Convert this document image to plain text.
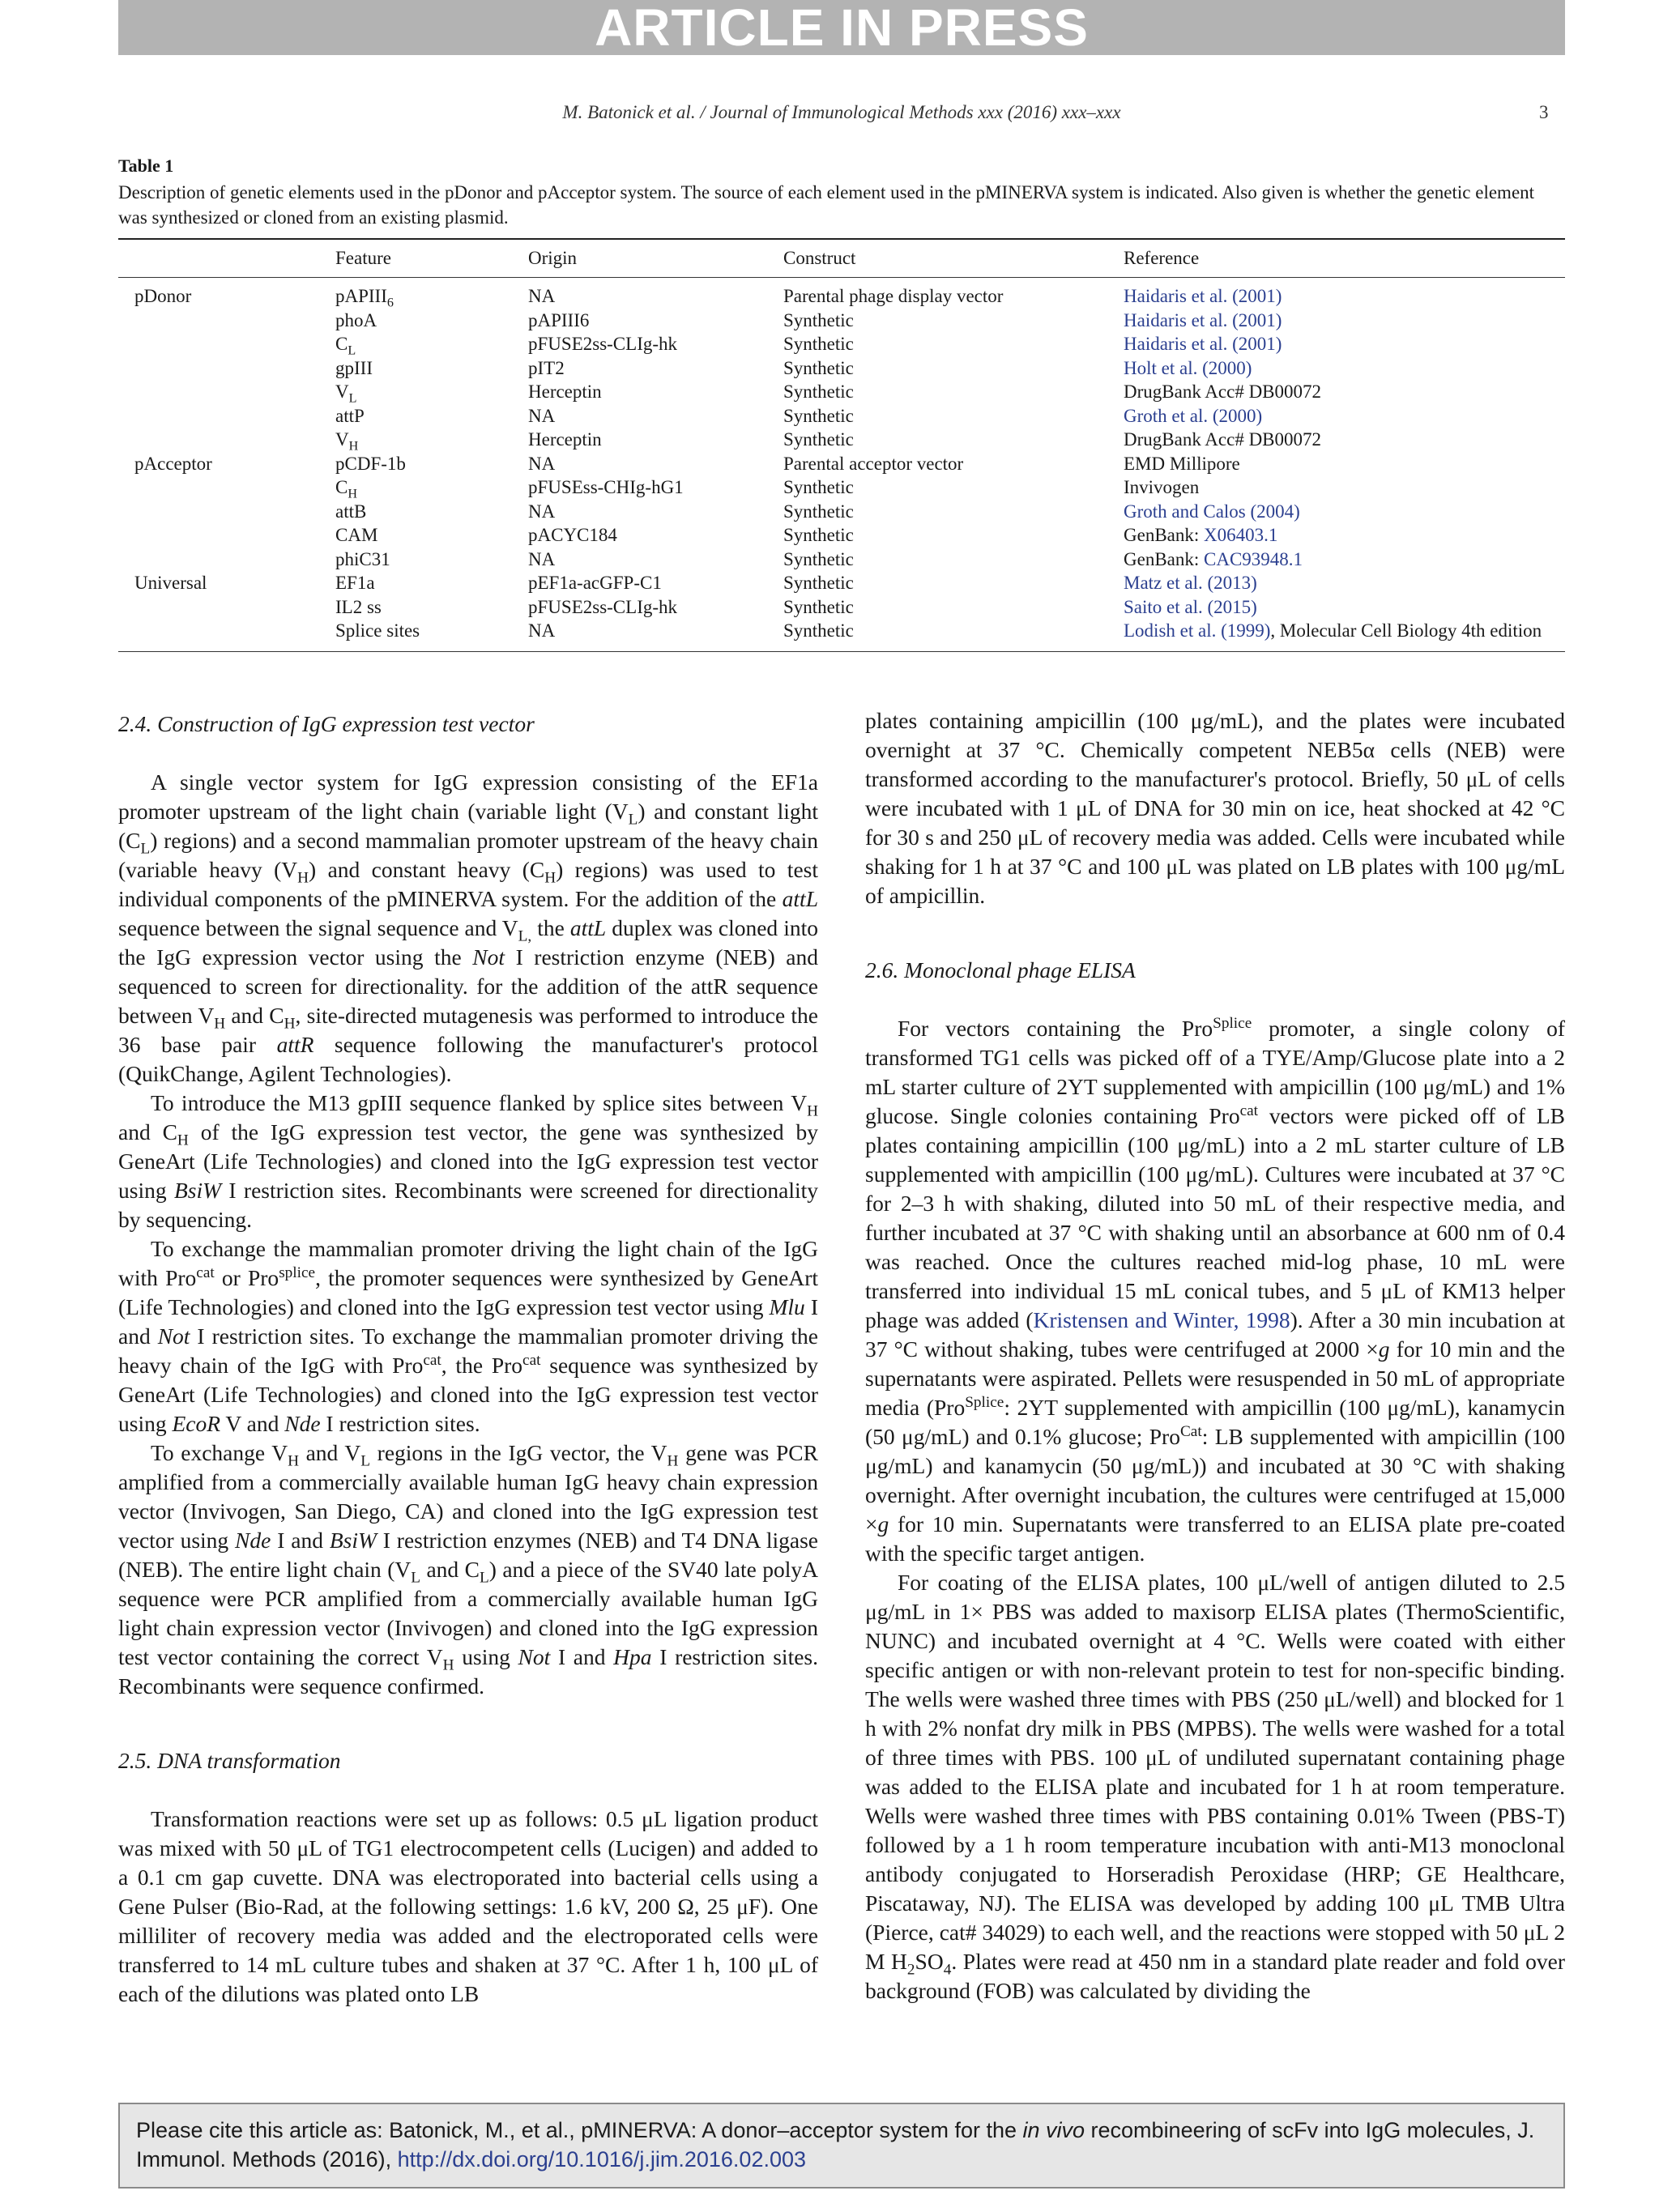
ARTICLE IN PRESS
M. Batonick et al. / Journal of Immunological Methods xxx (2016) xxx–xxx	3
Table 1
Description of genetic elements used in the pDonor and pAcceptor system. The source of each element used in the pMINERVA system is indicated. Also given is whether the genetic element was synthesized or cloned from an existing plasmid.
	Feature	Origin	Construct	Reference

pDonor	pAPIII$_6$	NA	Parental phage display vector	Haidaris et al. (2001)
	phoA	pAPIII6	Synthetic	Haidaris et al. (2001)
	$C_L$	pFUSE2ss-CLIg-hk	Synthetic	Haidaris et al. (2001)
	gpIII	pIT2	Synthetic	Holt et al. (2000)
	$V_L$	Herceptin	Synthetic	DrugBank Acc# DB00072
	attP	NA	Synthetic	Groth et al. (2000)
	$V_H$	Herceptin	Synthetic	DrugBank Acc# DB00072
pAcceptor	pCDF-1b	NA	Parental acceptor vector	EMD Millipore
	$C_H$	pFUSEss-CHIg-hG1	Synthetic	Invivogen
	attB	NA	Synthetic	Groth and Calos (2004)
	CAM	pACYC184	Synthetic	GenBank: X06403.1
	phiC31	NA	Synthetic	GenBank: CAC93948.1
Universal	EF1a	pEF1a-acGFP-C1	Synthetic	Matz et al. (2013)
	IL2 ss	pFUSE2ss-CLIg-hk	Synthetic	Saito et al. (2015)
	Splice sites	NA	Synthetic	Lodish et al. (1999), Molecular Cell Biology 4th edition
2.4. Construction of IgG expression test vector

A single vector system for IgG expression consisting of the EF1a promoter upstream of the light chain (variable light $(V_L)$ and constant light $(C_L)$ regions) and a second mammalian promoter upstream of the heavy chain (variable heavy $(V_H)$ and constant heavy $(C_H)$ regions) was used to test individual components of the pMINERVA system. For the addition of the attL sequence between the signal sequence and $V_{L,}$ the attL duplex was cloned into the IgG expression vector using the Not I restriction enzyme (NEB) and sequenced to screen for directionality. for the addition of the attR sequence between $V_H$ and $C_H$, site-directed mutagenesis was performed to introduce the 36 base pair attR sequence following the manufacturer's protocol (QuikChange, Agilent Technologies).

To introduce the M13 gpIII sequence flanked by splice sites between $V_H$ and $C_H$ of the IgG expression test vector, the gene was synthesized by GeneArt (Life Technologies) and cloned into the IgG expression test vector using BsiW I restriction sites. Recombinants were screened for directionality by sequencing.

To exchange the mammalian promoter driving the light chain of the IgG with Pro$^{cat}$ or Pro$^{splice}$, the promoter sequences were synthesized by GeneArt (Life Technologies) and cloned into the IgG expression test vector using Mlu I and Not I restriction sites. To exchange the mammalian promoter driving the heavy chain of the IgG with Pro$^{cat}$, the Pro$^{cat}$ sequence was synthesized by GeneArt (Life Technologies) and cloned into the IgG expression test vector using EcoR V and Nde I restriction sites.

To exchange $V_H$ and $V_L$ regions in the IgG vector, the $V_H$ gene was PCR amplified from a commercially available human IgG heavy chain expression vector (Invivogen, San Diego, CA) and cloned into the IgG expression test vector using Nde I and BsiW I restriction enzymes (NEB) and T4 DNA ligase (NEB). The entire light chain ($V_L$ and $C_L$) and a piece of the SV40 late polyA sequence were PCR amplified from a commercially available human IgG light chain expression vector (Invivogen) and cloned into the IgG expression test vector containing the correct $V_H$ using Not I and Hpa I restriction sites. Recombinants were sequence confirmed.

2.5. DNA transformation

Transformation reactions were set up as follows: 0.5 μL ligation product was mixed with 50 μL of TG1 electrocompetent cells (Lucigen) and added to a 0.1 cm gap cuvette. DNA was electroporated into bacterial cells using a Gene Pulser (Bio-Rad, at the following settings: 1.6 kV, 200 Ω, 25 μF). One milliliter of recovery media was added and the electroporated cells were transferred to 14 mL culture tubes and shaken at 37 °C. After 1 h, 100 μL of each of the dilutions was plated onto LB

plates containing ampicillin (100 μg/mL), and the plates were incubated overnight at 37 °C. Chemically competent NEB5α cells (NEB) were transformed according to the manufacturer's protocol. Briefly, 50 μL of cells were incubated with 1 μL of DNA for 30 min on ice, heat shocked at 42 °C for 30 s and 250 μL of recovery media was added. Cells were incubated while shaking for 1 h at 37 °C and 100 μL was plated on LB plates with 100 μg/mL of ampicillin.

2.6. Monoclonal phage ELISA

For vectors containing the Pro$^{Splice}$ promoter, a single colony of transformed TG1 cells was picked off of a TYE/Amp/Glucose plate into a 2 mL starter culture of 2YT supplemented with ampicillin (100 μg/mL) and 1% glucose. Single colonies containing Pro$^{cat}$ vectors were picked off of LB plates containing ampicillin (100 μg/mL) into a 2 mL starter culture of LB supplemented with ampicillin (100 μg/mL). Cultures were incubated at 37 °C for 2–3 h with shaking, diluted into 50 mL of their respective media, and further incubated at 37 °C with shaking until an absorbance at 600 nm of 0.4 was reached. Once the cultures reached mid-log phase, 10 mL were transferred into individual 15 mL conical tubes, and 5 μL of KM13 helper phage was added (Kristensen and Winter, 1998). After a 30 min incubation at 37 °C without shaking, tubes were centrifuged at 2000 ×g for 10 min and the supernatants were aspirated. Pellets were resuspended in 50 mL of appropriate media (Pro$^{Splice}$: 2YT supplemented with ampicillin (100 μg/mL), kanamycin (50 μg/mL) and 0.1% glucose; Pro$^{Cat}$: LB supplemented with ampicillin (100 μg/mL) and kanamycin (50 μg/mL)) and incubated at 30 °C with shaking overnight. After overnight incubation, the cultures were centrifuged at 15,000 ×g for 10 min. Supernatants were transferred to an ELISA plate pre-coated with the specific target antigen.

For coating of the ELISA plates, 100 μL/well of antigen diluted to 2.5 μg/mL in 1× PBS was added to maxisorp ELISA plates (ThermoScientific, NUNC) and incubated overnight at 4 °C. Wells were coated with either specific antigen or with non-relevant protein to test for non-specific binding. The wells were washed three times with PBS (250 μL/well) and blocked for 1 h with 2% nonfat dry milk in PBS (MPBS). The wells were washed for a total of three times with PBS. 100 μL of undiluted supernatant containing phage was added to the ELISA plate and incubated for 1 h at room temperature. Wells were washed three times with PBS containing 0.01% Tween (PBS-T) followed by a 1 h room temperature incubation with anti-M13 monoclonal antibody conjugated to Horseradish Peroxidase (HRP; GE Healthcare, Piscataway, NJ). The ELISA was developed by adding 100 μL TMB Ultra (Pierce, cat# 34029) to each well, and the reactions were stopped with 50 μL 2 M $H_2SO_4$. Plates were read at 450 nm in a standard plate reader and fold over background (FOB) was calculated by dividing the

Please cite this article as: Batonick, M., et al., pMINERVA: A donor–acceptor system for the in vivo recombineering of scFv into IgG molecules, J. Immunol. Methods (2016), http://dx.doi.org/10.1016/j.jim.2016.02.003
